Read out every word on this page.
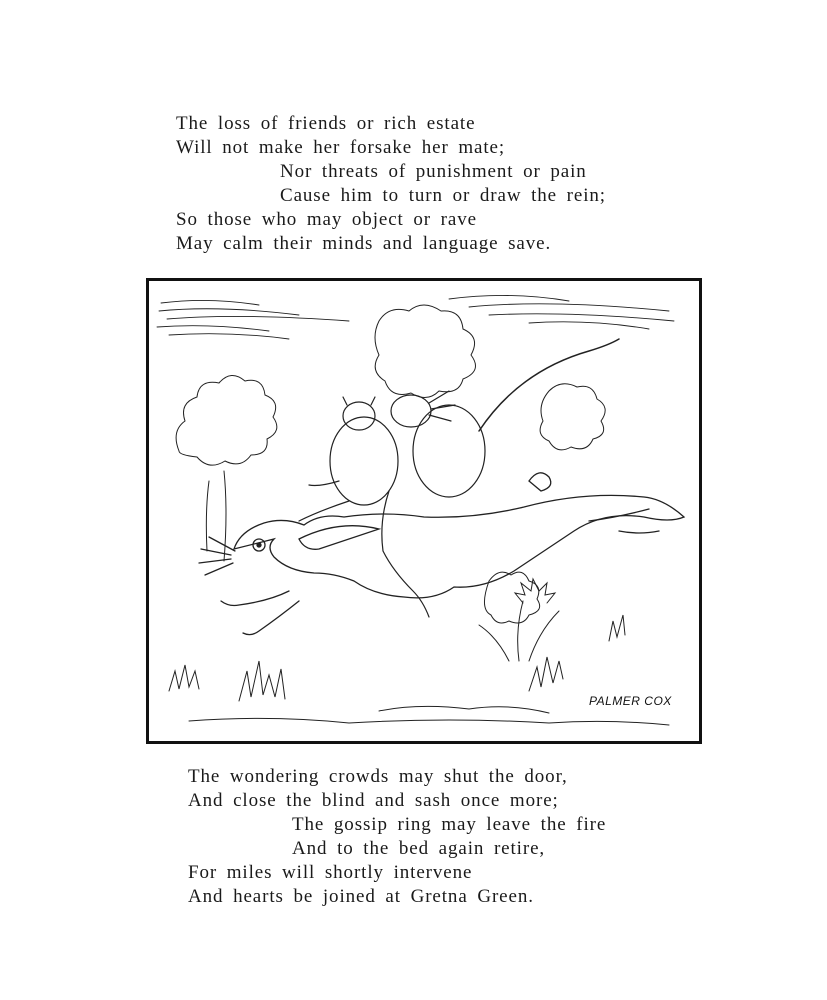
The loss of friends or rich estate
Will not make her forsake her mate;
Nor threats of punishment or pain
Cause him to turn or draw the rein;
So those who may object or rave
May calm their minds and language save.
PALMER COX
The wondering crowds may shut the door,
And close the blind and sash once more;
The gossip ring may leave the fire
And to the bed again retire,
For miles will shortly intervene
And hearts be joined at Gretna Green.
